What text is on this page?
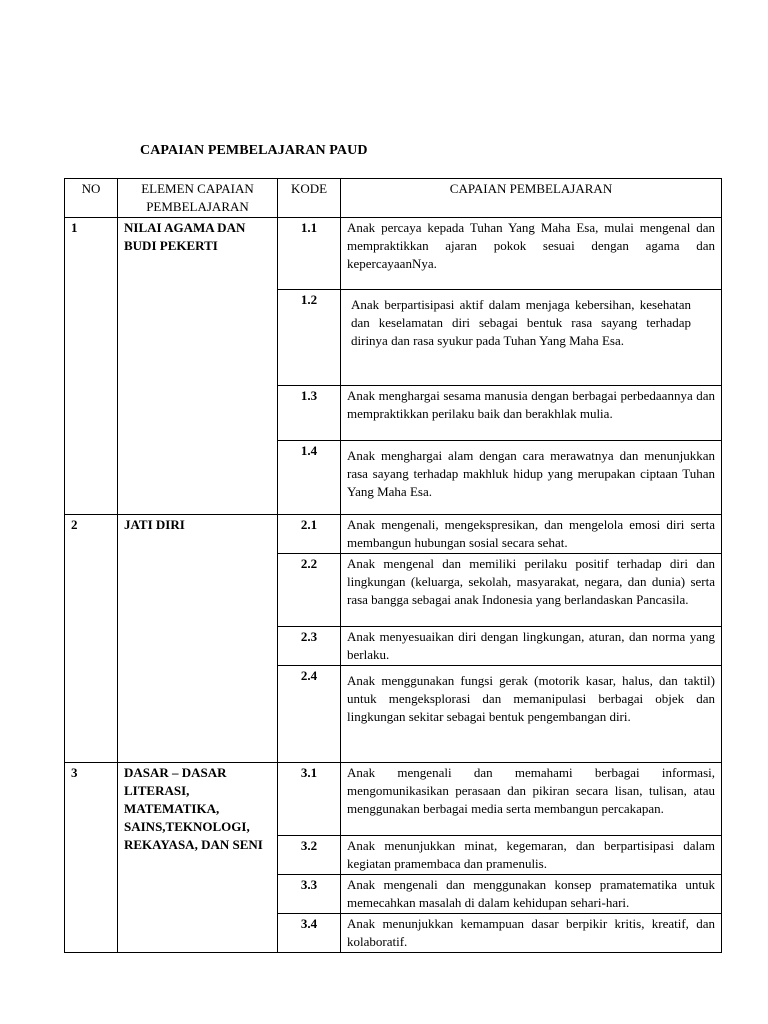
CAPAIAN PEMBELAJARAN PAUD
NO	ELEMEN CAPAIAN PEMBELAJARAN	KODE	CAPAIAN PEMBELAJARAN
1	NILAI AGAMA DAN BUDI PEKERTI	1.1	Anak percaya kepada Tuhan Yang Maha Esa, mulai mengenal dan mempraktikkan ajaran pokok sesuai dengan agama dan kepercayaanNya.
		1.2	Anak berpartisipasi aktif dalam menjaga kebersihan, kesehatan dan keselamatan diri sebagai bentuk rasa sayang terhadap dirinya dan rasa syukur pada Tuhan Yang Maha Esa.
		1.3	Anak menghargai sesama manusia dengan berbagai perbedaannya dan mempraktikkan perilaku baik dan berakhlak mulia.
		1.4	Anak menghargai alam dengan cara merawatnya dan menunjukkan rasa sayang terhadap makhluk hidup yang merupakan ciptaan Tuhan Yang Maha Esa.
2	JATI DIRI	2.1	Anak mengenali, mengekspresikan, dan mengelola emosi diri serta membangun hubungan sosial secara sehat.
		2.2	Anak mengenal dan memiliki perilaku positif terhadap diri dan lingkungan (keluarga, sekolah, masyarakat, negara, dan dunia) serta rasa bangga sebagai anak Indonesia yang berlandaskan Pancasila.
		2.3	Anak menyesuaikan diri dengan lingkungan, aturan, dan norma yang berlaku.
		2.4	Anak menggunakan fungsi gerak (motorik kasar, halus, dan taktil) untuk mengeksplorasi dan memanipulasi berbagai objek dan lingkungan sekitar sebagai bentuk pengembangan diri.
3	DASAR – DASAR LITERASI, MATEMATIKA, SAINS,TEKNOLOGI, REKAYASA, DAN SENI	3.1	Anak mengenali dan memahami berbagai informasi, mengomunikasikan perasaan dan pikiran secara lisan, tulisan, atau menggunakan berbagai media serta membangun percakapan.
		3.2	Anak menunjukkan minat, kegemaran, dan berpartisipasi dalam kegiatan pramembaca dan pramenulis.
		3.3	Anak mengenali dan menggunakan konsep pramatematika untuk memecahkan masalah di dalam kehidupan sehari-hari.
		3.4	Anak menunjukkan kemampuan dasar berpikir kritis, kreatif, dan kolaboratif.
